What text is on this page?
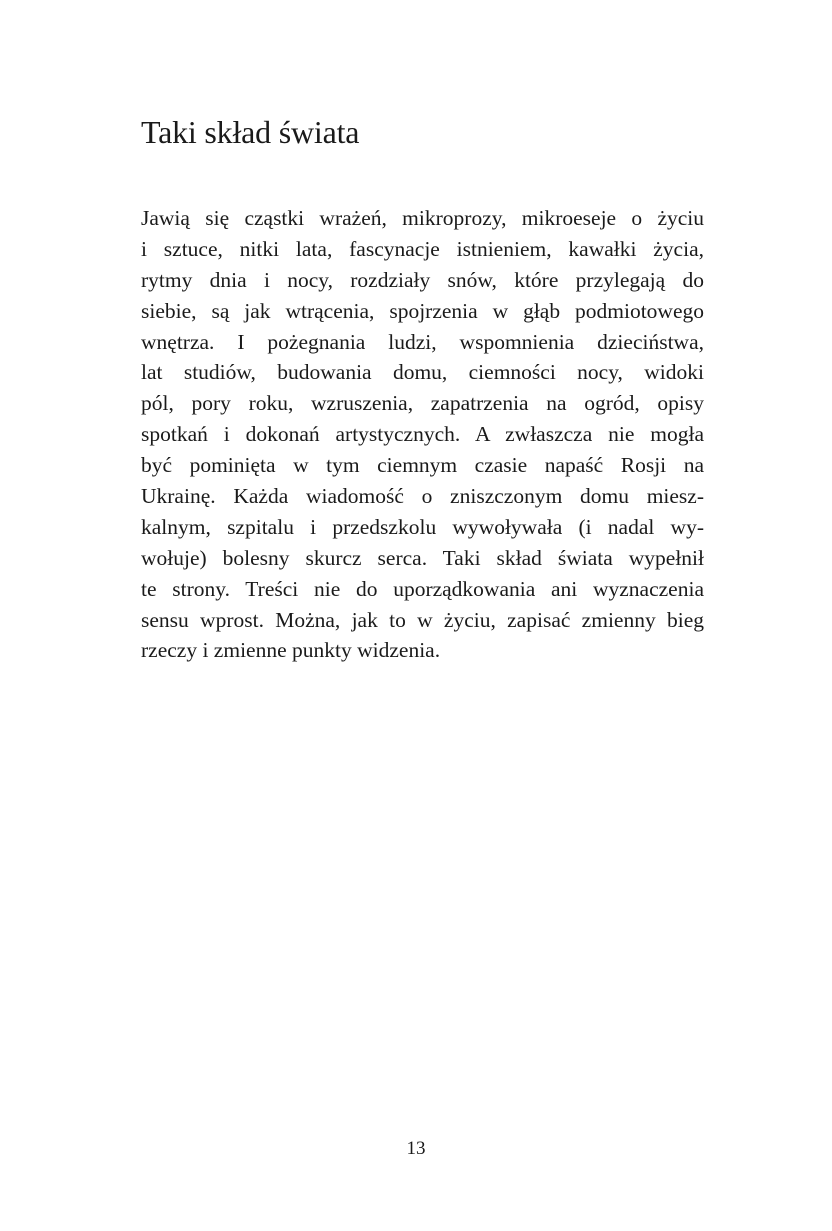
Taki skład świata
Jawią się cząstki wrażeń, mikroprozy, mikroeseje o życiu
i sztuce, nitki lata, fascynacje istnieniem, kawałki życia,
rytmy dnia i nocy, rozdziały snów, które przylegają do
siebie, są jak wtrącenia, spojrzenia w głąb podmiotowego
wnętrza. I pożegnania ludzi, wspomnienia dzieciństwa,
lat studiów, budowania domu, ciemności nocy, widoki
pól, pory roku, wzruszenia, zapatrzenia na ogród, opisy
spotkań i dokonań artystycznych. A zwłaszcza nie mogła
być pominięta w tym ciemnym czasie napaść Rosji na
Ukrainę. Każda wiadomość o zniszczonym domu miesz-
kalnym, szpitalu i przedszkolu wywoływała (i nadal wy-
wołuje) bolesny skurcz serca. Taki skład świata wypełnił
te strony. Treści nie do uporządkowania ani wyznaczenia
sensu wprost. Można, jak to w życiu, zapisać zmienny bieg
rzeczy i zmienne punkty widzenia.
13
